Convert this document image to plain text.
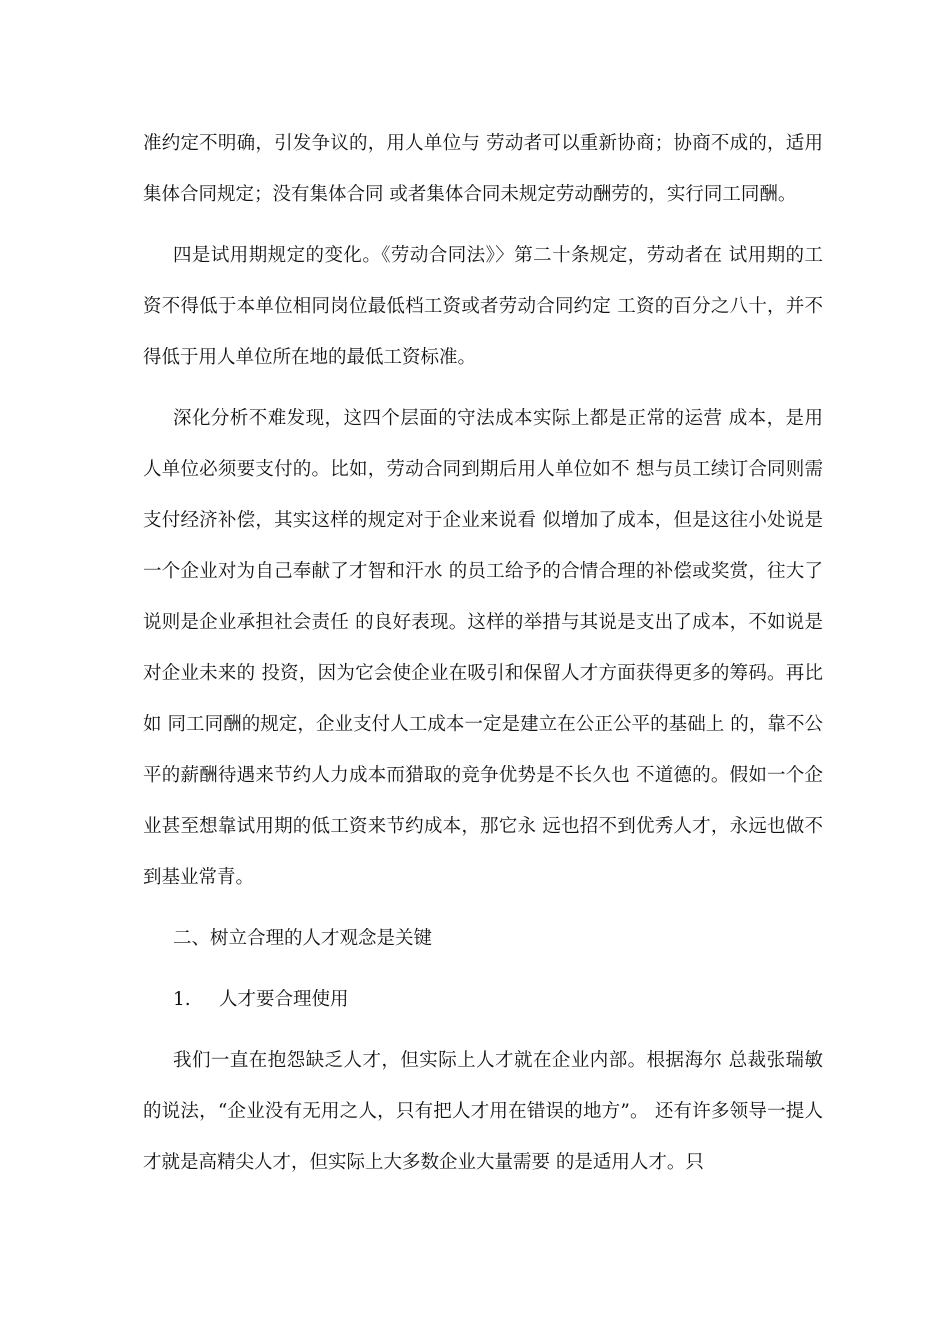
准约定不明确，引发争议的，用人单位与 劳动者可以重新协商；协商不成的，适用集体合同规定；没有集体合同 或者集体合同未规定劳动酬劳的，实行同工同酬。

四是试用期规定的变化。《劳动合同法》〉第二十条规定，劳动者在 试用期的工资不得低于本单位相同岗位最低档工资或者劳动合同约定 工资的百分之八十，并不得低于用人单位所在地的最低工资标准。

深化分析不难发现，这四个层面的守法成本实际上都是正常的运营 成本，是用人单位必须要支付的。比如，劳动合同到期后用人单位如不 想与员工续订合同则需支付经济补偿，其实这样的规定对于企业来说看 似增加了成本，但是这往小处说是一个企业对为自己奉献了才智和汗水 的员工给予的合情合理的补偿或奖赏，往大了说则是企业承担社会责任 的良好表现。这样的举措与其说是支出了成本，不如说是对企业未来的 投资，因为它会使企业在吸引和保留人才方面获得更多的筹码。再比如 同工同酬的规定，企业支付人工成本一定是建立在公正公平的基础上 的，靠不公平的薪酬待遇来节约人力成本而猎取的竞争优势是不长久也 不道德的。假如一个企业甚至想靠试用期的低工资来节约成本，那它永 远也招不到优秀人才，永远也做不到基业常青。

二、树立合理的人才观念是关键
1.	人才要合理使用

我们一直在抱怨缺乏人才，但实际上人才就在企业内部。根据海尔 总裁张瑞敏的说法，“企业没有无用之人，只有把人才用在错误的地方”。 还有许多领导一提人才就是高精尖人才，但实际上大多数企业大量需要 的是适用人才。只
